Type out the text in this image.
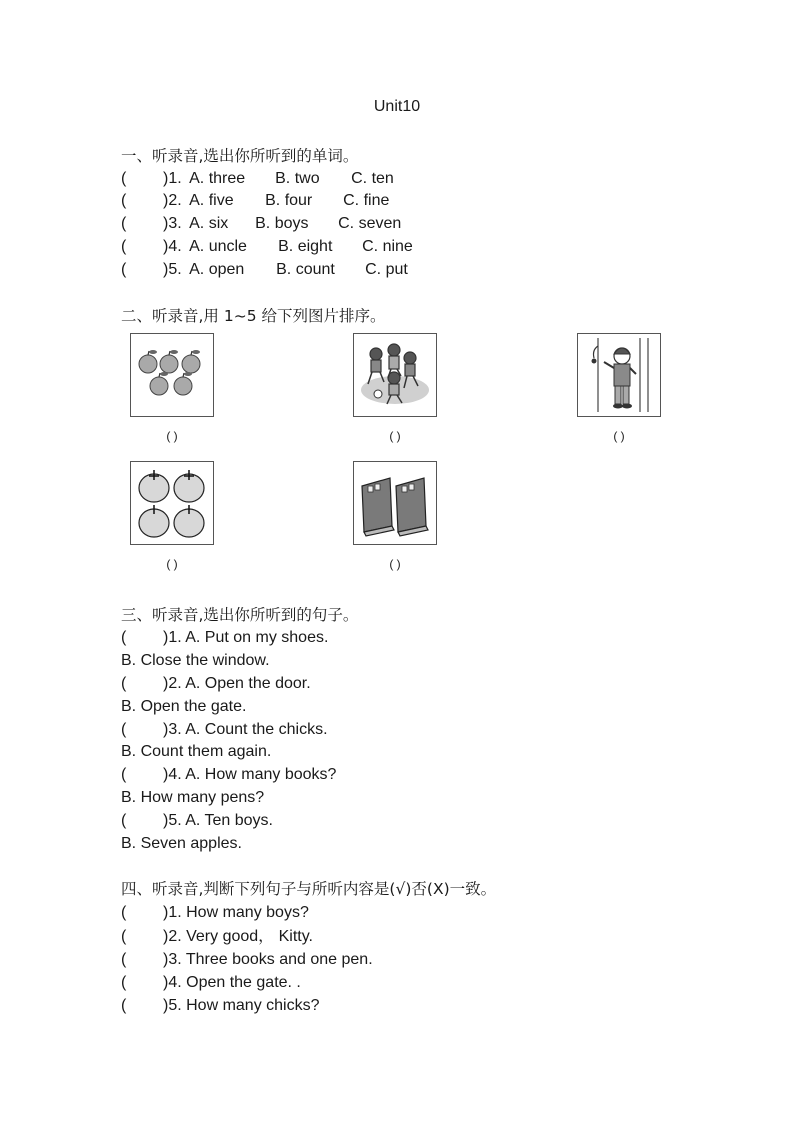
Unit10
一、听录音,选出你所听到的单词。
( )1. A. three B. two C. ten
( )2. A. five B. four C. fine
( )3. A. six B. boys C. seven
( )4. A. uncle B. eight C. nine
( )5. A. open B. count C. put
二、听录音,用 1~5 给下列图片排序。
( )	( )	( )
( )	( )
三、听录音,选出你所听到的句子。
( )1. A. Put on my shoes.
B. Close the window.
( )2. A. Open the door.
B. Open the gate.
( )3. A. Count the chicks.
B. Count them again.
( )4. A. How many books?
B. How many pens?
( )5. A. Ten boys.
B. Seven apples.
四、听录音,判断下列句子与所听内容是(√)否(X)一致。
( )1. How many boys?
( )2. Very good， Kitty.
( )3. Three books and one pen.
( )4. Open the gate. .
( )5. How many chicks?
